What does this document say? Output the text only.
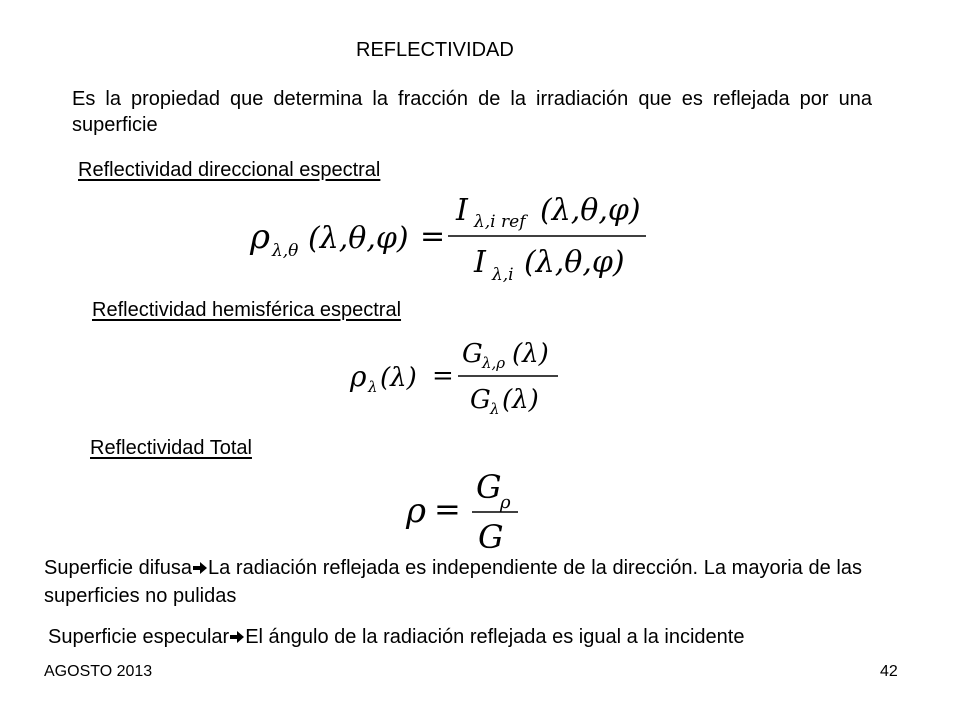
REFLECTIVIDAD
Es la propiedad que determina la fracción de la irradiación que es reflejada por una superficie
Reflectividad direccional espectral
ρ λ,θ (λ,θ,φ) =
I λ,i ref (λ,θ,φ)
I λ,i (λ,θ,φ)
Reflectividad hemisférica espectral
ρ λ (λ) =
G λ,ρ (λ)
G λ (λ)
Reflectividad Total
ρ =
G
ρ
G
Superficie difusa La radiación reflejada es independiente de la dirección. La mayoria de las superficies no pulidas
Superficie especular El ángulo de la radiación reflejada es igual a la incidente
AGOSTO 2013	42
